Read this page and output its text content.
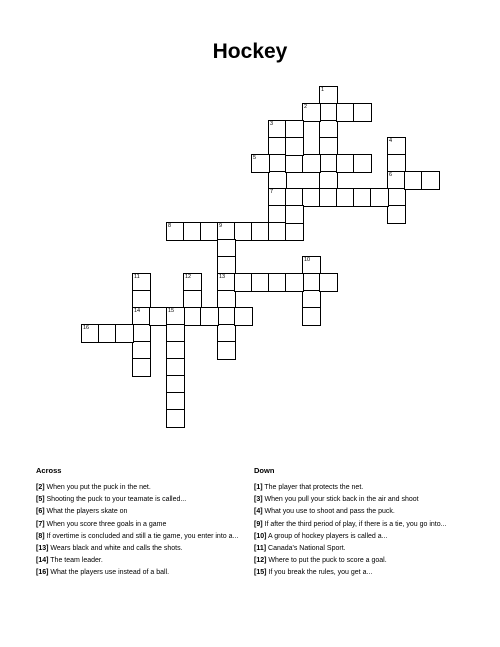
Hockey
1
2
3
7
4
6
5
8	9
13
10
11
14
12
15
16
Across
[2] When you put the puck in the net.
[5] Shooting the puck to your teamate is called...
[6] What the players skate on
[7] When you score three goals in a game
[8] If overtime is concluded and still a tie game, you enter into a...
[13] Wears black and white and calls the shots.
[14] The team leader.
[16] What the players use instead of a ball.
Down
[1] The player that protects the net.
[3] When you pull your stick back in the air and shoot
[4] What you use to shoot and pass the puck.
[9] If after the third period of play, if there is a tie, you go into...
[10] A group of hockey players is called a...
[11] Canada's National Sport.
[12] Where to put the puck to score a goal.
[15] If you break the rules, you get a...
